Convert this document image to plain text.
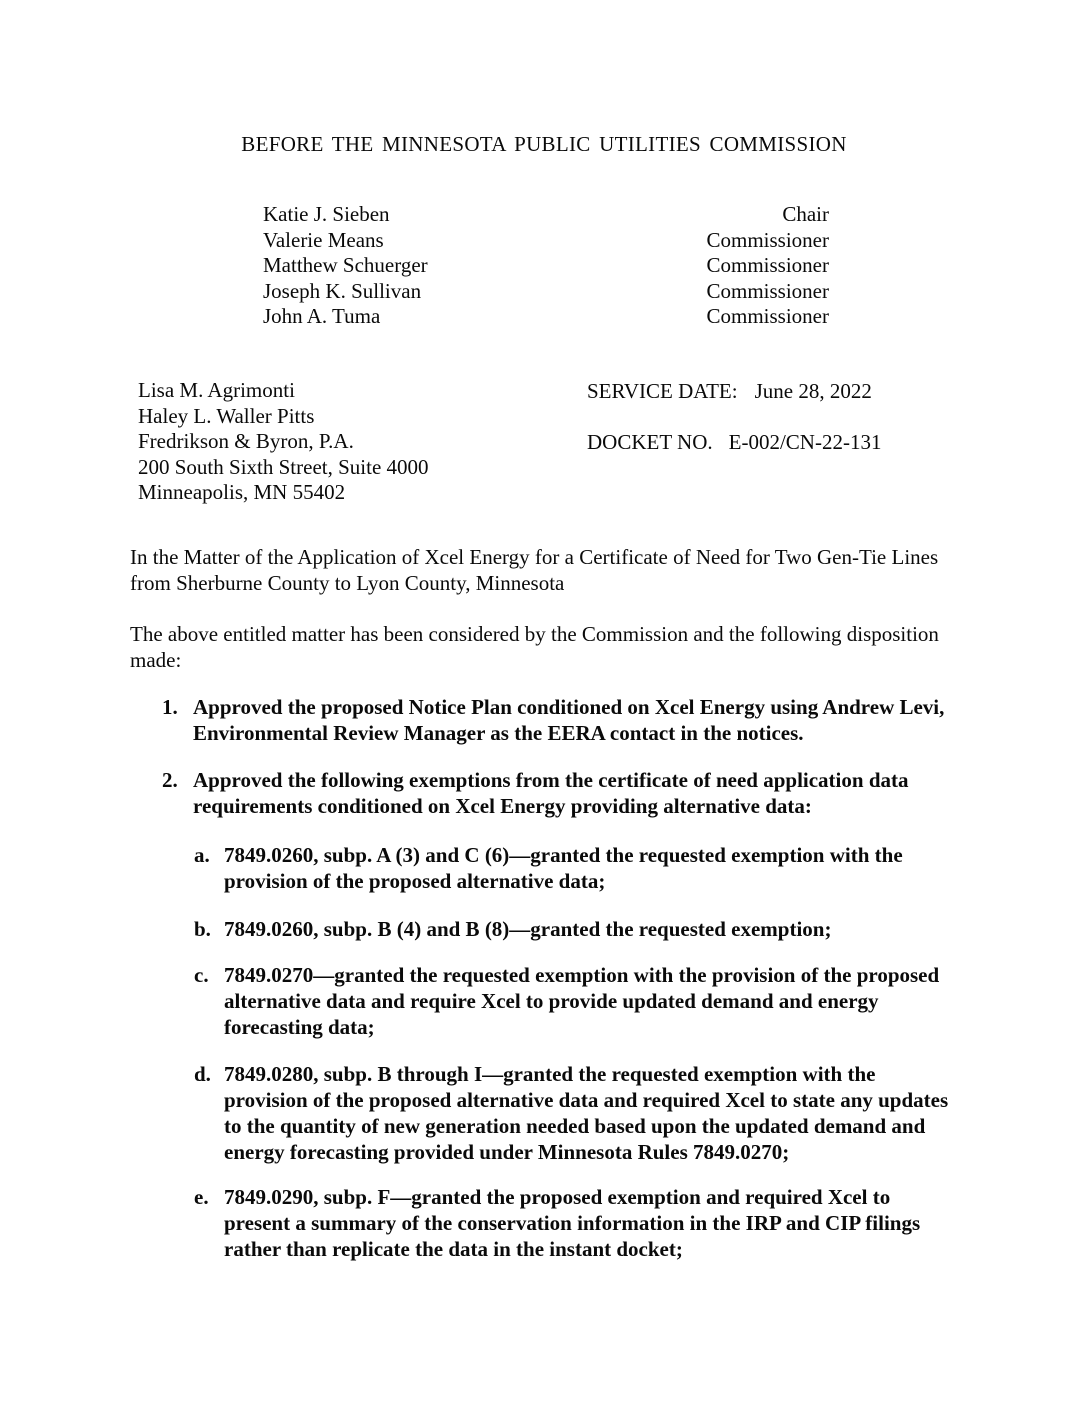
BEFORE THE MINNESOTA PUBLIC UTILITIES COMMISSION
Katie J. Sieben	Chair
Valerie Means	Commissioner
Matthew Schuerger	Commissioner
Joseph K. Sullivan	Commissioner
John A. Tuma	Commissioner
Lisa M. Agrimonti
Haley L. Waller Pitts
Fredrikson & Byron, P.A.
200 South Sixth Street, Suite 4000
Minneapolis, MN 55402
SERVICE DATE: June 28, 2022
DOCKET NO. E-002/CN-22-131
In the Matter of the Application of Xcel Energy for a Certificate of Need for Two Gen-Tie Lines from Sherburne County to Lyon County, Minnesota
The above entitled matter has been considered by the Commission and the following disposition made:
1. Approved the proposed Notice Plan conditioned on Xcel Energy using Andrew Levi, Environmental Review Manager as the EERA contact in the notices.
2. Approved the following exemptions from the certificate of need application data requirements conditioned on Xcel Energy providing alternative data:
a. 7849.0260, subp. A (3) and C (6)—granted the requested exemption with the provision of the proposed alternative data;
b. 7849.0260, subp. B (4) and B (8)—granted the requested exemption;
c. 7849.0270—granted the requested exemption with the provision of the proposed alternative data and require Xcel to provide updated demand and energy forecasting data;
d. 7849.0280, subp. B through I—granted the requested exemption with the provision of the proposed alternative data and required Xcel to state any updates to the quantity of new generation needed based upon the updated demand and energy forecasting provided under Minnesota Rules 7849.0270;
e. 7849.0290, subp. F—granted the proposed exemption and required Xcel to present a summary of the conservation information in the IRP and CIP filings rather than replicate the data in the instant docket;
